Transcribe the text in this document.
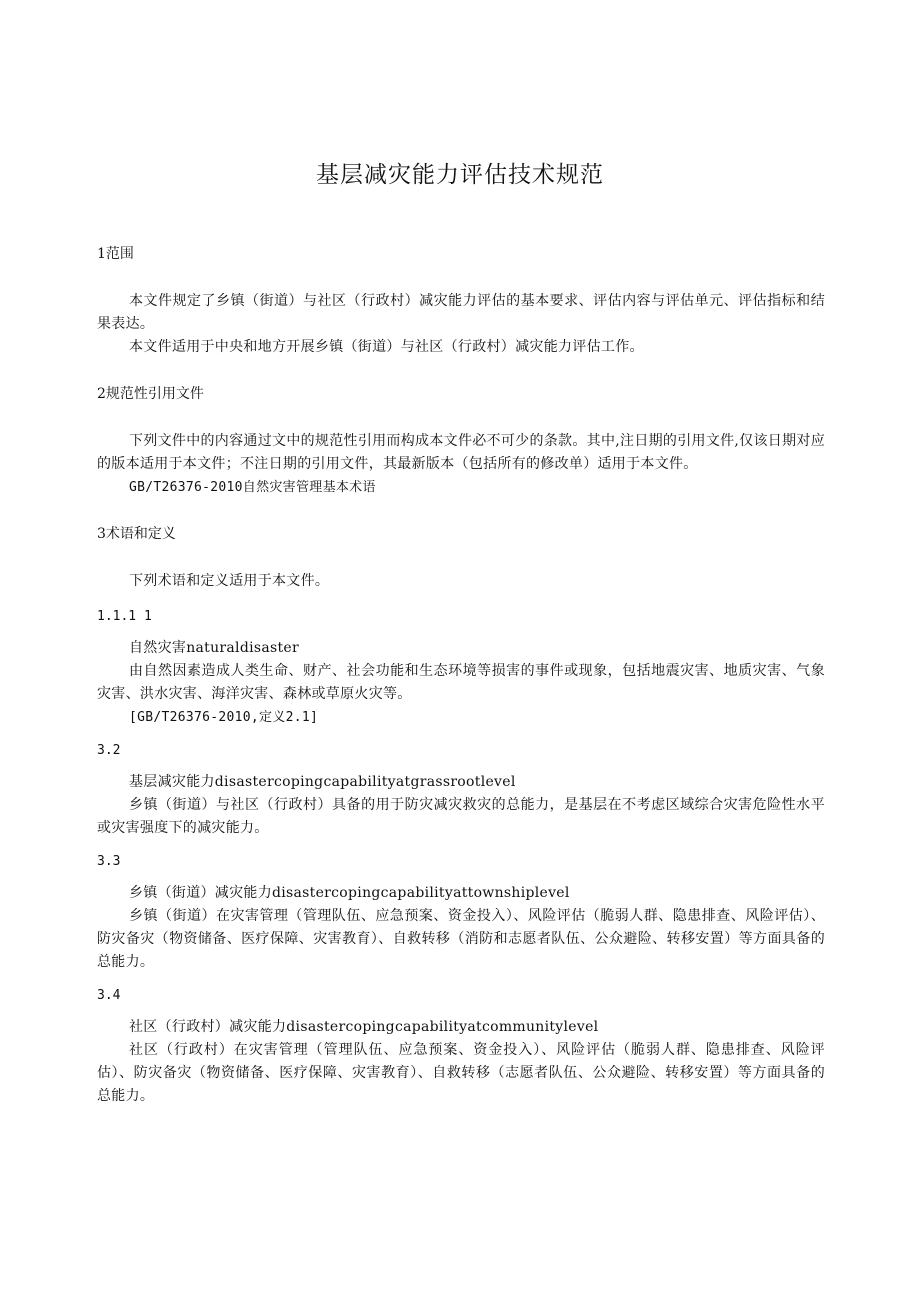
基层减灾能力评估技术规范

1范围

本文件规定了乡镇（街道）与社区（行政村）减灾能力评估的基本要求、评估内容与评估单元、评估指标和结果表达。

本文件适用于中央和地方开展乡镇（街道）与社区（行政村）减灾能力评估工作。

2规范性引用文件

下列文件中的内容通过文中的规范性引用而构成本文件必不可少的条款。其中,注日期的引用文件,仅该日期对应的版本适用于本文件；不注日期的引用文件，其最新版本（包括所有的修改单）适用于本文件。

GB/T26376-2010自然灾害管理基本术语

3术语和定义

下列术语和定义适用于本文件。

1.1.1 1

自然灾害naturaldisaster

由自然因素造成人类生命、财产、社会功能和生态环境等损害的事件或现象，包括地震灾害、地质灾害、气象灾害、洪水灾害、海洋灾害、森林或草原火灾等。

[GB/T26376-2010,定义2.1]

3.2

基层减灾能力disastercopingcapabilityatgrassrootlevel

乡镇（街道）与社区（行政村）具备的用于防灾减灾救灾的总能力，是基层在不考虑区域综合灾害危险性水平或灾害强度下的减灾能力。

3.3

乡镇（街道）减灾能力disastercopingcapabilityattownshiplevel

乡镇（街道）在灾害管理（管理队伍、应急预案、资金投入）、风险评估（脆弱人群、隐患排查、风险评估）、防灾备灾（物资储备、医疗保障、灾害教育）、自救转移（消防和志愿者队伍、公众避险、转移安置）等方面具备的总能力。

3.4

社区（行政村）减灾能力disastercopingcapabilityatcommunitylevel

社区（行政村）在灾害管理（管理队伍、应急预案、资金投入）、风险评估（脆弱人群、隐患排查、风险评估）、防灾备灾（物资储备、医疗保障、灾害教育）、自救转移（志愿者队伍、公众避险、转移安置）等方面具备的总能力。
